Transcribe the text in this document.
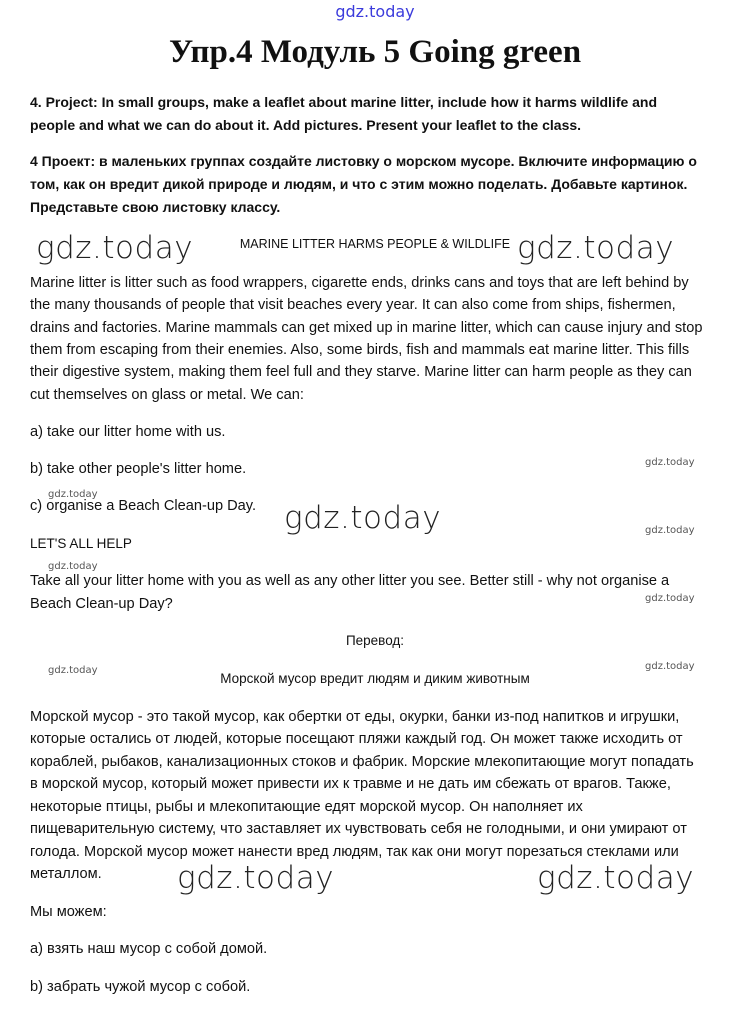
gdz.today
Упр.4 Модуль 5 Going green
4. Project: In small groups, make a leaflet about marine litter, include how it harms wildlife and
people and what we can do about it. Add pictures. Present your leaflet to the class.
4 Проект: в маленьких группах создайте листовку о морском мусоре. Включите информацию о
том, как он вредит дикой природе и людям, и что с этим можно поделать. Добавьте картинок.
Представьте свою листовку классу.
MARINE LITTER HARMS PEOPLE & WILDLIFE
Marine litter is litter such as food wrappers, cigarette ends, drinks cans and toys that are left behind by
the many thousands of people that visit beaches every year. It can also come from ships, fishermen,
drains and factories. Marine mammals can get mixed up in marine litter, which can cause injury and stop
them from escaping from their enemies. Also, some birds, fish and mammals eat marine litter. This fills
their digestive system, making them feel full and they starve. Marine litter can harm people as they can
cut themselves on glass or metal. We can:
a) take our litter home with us.
b) take other people's litter home.
c) organise a Beach Clean-up Day.
LET'S ALL HELP
Take all your litter home with you as well as any other litter you see. Better still - why not organise a
Beach Clean-up Day?
Перевод:
Морской мусор вредит людям и диким животным
Морской мусор - это такой мусор, как обертки от еды, окурки, банки из-под напитков и игрушки,
которые остались от людей, которые посещают пляжи каждый год. Он может также исходить от
кораблей, рыбаков, канализационных стоков и фабрик. Морские млекопитающие могут попадать
в морской мусор, который может привести их к травме и не дать им сбежать от врагов. Также,
некоторые птицы, рыбы и млекопитающие едят морской мусор. Он наполняет их
пищеварительную систему, что заставляет их чувствовать себя не голодными, и они умирают от
голода. Морской мусор может нанести вред людям, так как они могут порезаться стеклами или
металлом.
Мы можем:
а) взять наш мусор с собой домой.
b) забрать чужой мусор с собой.
gdz.today	gdz.today
gdz.today
gdz.today	gdz.today
gdz.today
gdz.today
gdz.today
gdz.today
gdz.today
gdz.today	gdz.today
